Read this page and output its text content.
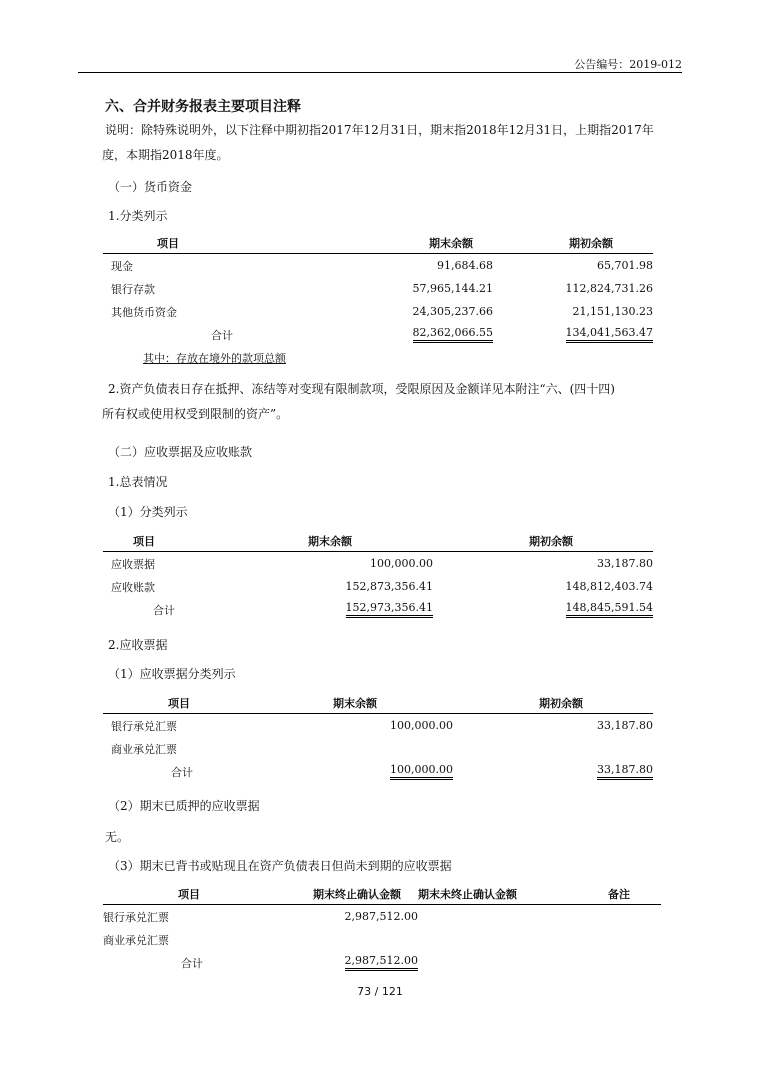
公告编号：2019-012
六、合并财务报表主要项目注释
说明：除特殊说明外，以下注释中期初指2017年12月31日，期末指2018年12月31日，上期指2017年
度，本期指2018年度。
（一）货币资金
1.分类列示
项目	期末余额	期初余额
现金	91,684.68	65,701.98
银行存款	57,965,144.21	112,824,731.26
其他货币资金	24,305,237.66	21,151,130.23
合计	82,362,066.55	134,041,563.47
其中：存放在境外的款项总额
2.资产负债表日存在抵押、冻结等对变现有限制款项，受限原因及金额详见本附注“六、(四十四)
所有权或使用权受到限制的资产”。
（二）应收票据及应收账款
1.总表情况
（1）分类列示
项目	期末余额	期初余额
应收票据	100,000.00	33,187.80
应收账款	152,873,356.41	148,812,403.74
合计	152,973,356.41	148,845,591.54
2.应收票据
（1）应收票据分类列示
项目	期末余额	期初余额
银行承兑汇票	100,000.00	33,187.80
商业承兑汇票		
合计	100,000.00	33,187.80
（2）期末已质押的应收票据
无。
（3）期末已背书或贴现且在资产负债表日但尚未到期的应收票据
项目	期末终止确认金额	期末未终止确认金额	备注
银行承兑汇票	2,987,512.00		
商业承兑汇票			
合计	2,987,512.00		
73 / 121
